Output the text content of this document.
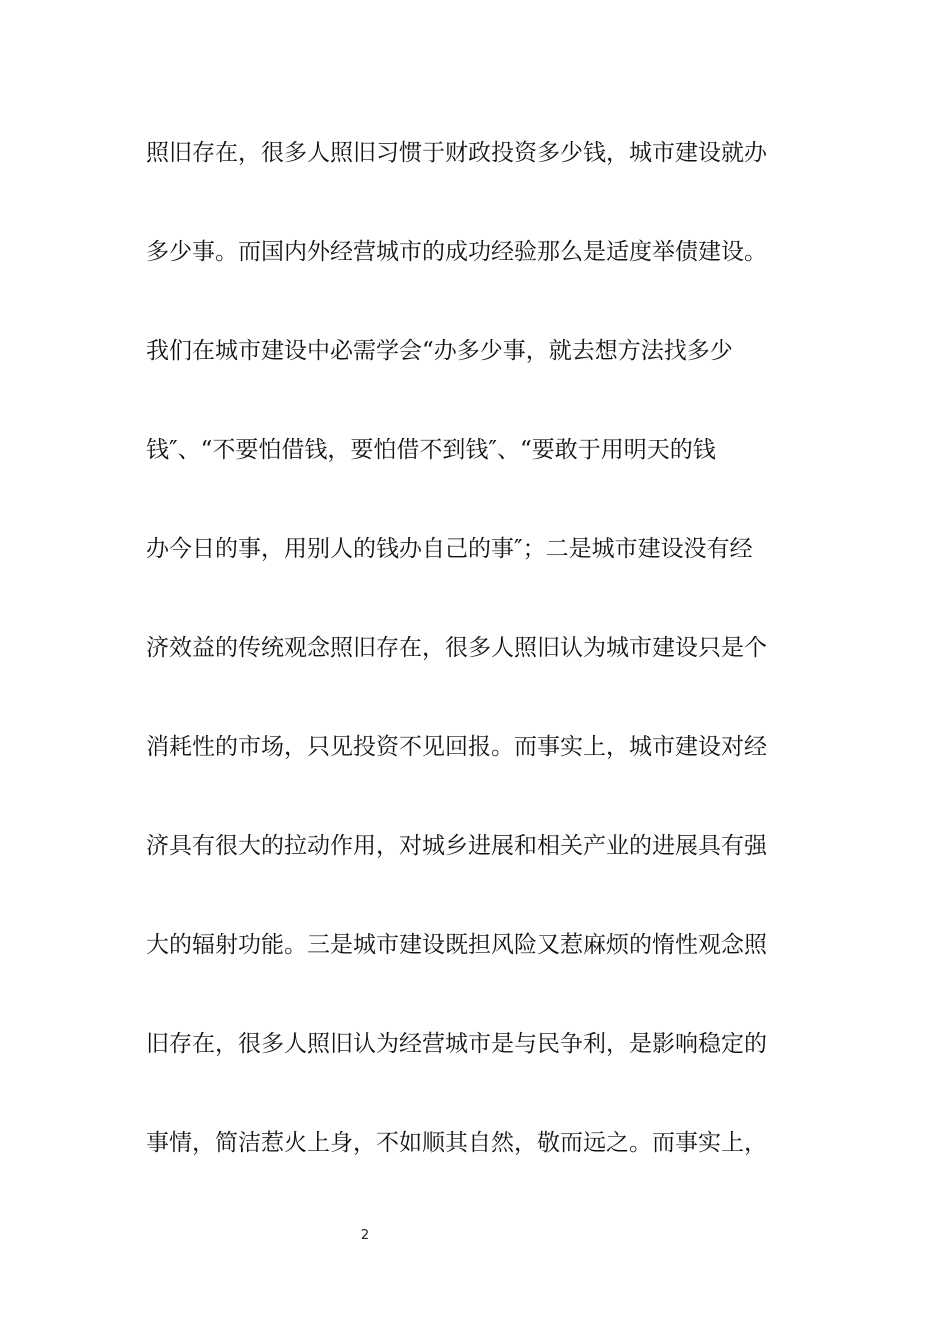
照旧存在，很多人照旧习惯于财政投资多少钱，城市建设就办
多少事。而国内外经营城市的成功经验那么是适度举债建设。
我们在城市建设中必需学会“办多少事，就去想方法找多少
钱″、“不要怕借钱，要怕借不到钱″、“要敢于用明天的钱
办今日的事，用别人的钱办自己的事″；二是城市建设没有经
济效益的传统观念照旧存在，很多人照旧认为城市建设只是个
消耗性的市场，只见投资不见回报。而事实上，城市建设对经
济具有很大的拉动作用，对城乡进展和相关产业的进展具有强
大的辐射功能。三是城市建设既担风险又惹麻烦的惰性观念照
旧存在，很多人照旧认为经营城市是与民争利，是影响稳定的
事情，简洁惹火上身，不如顺其自然，敬而远之。而事实上，
2
